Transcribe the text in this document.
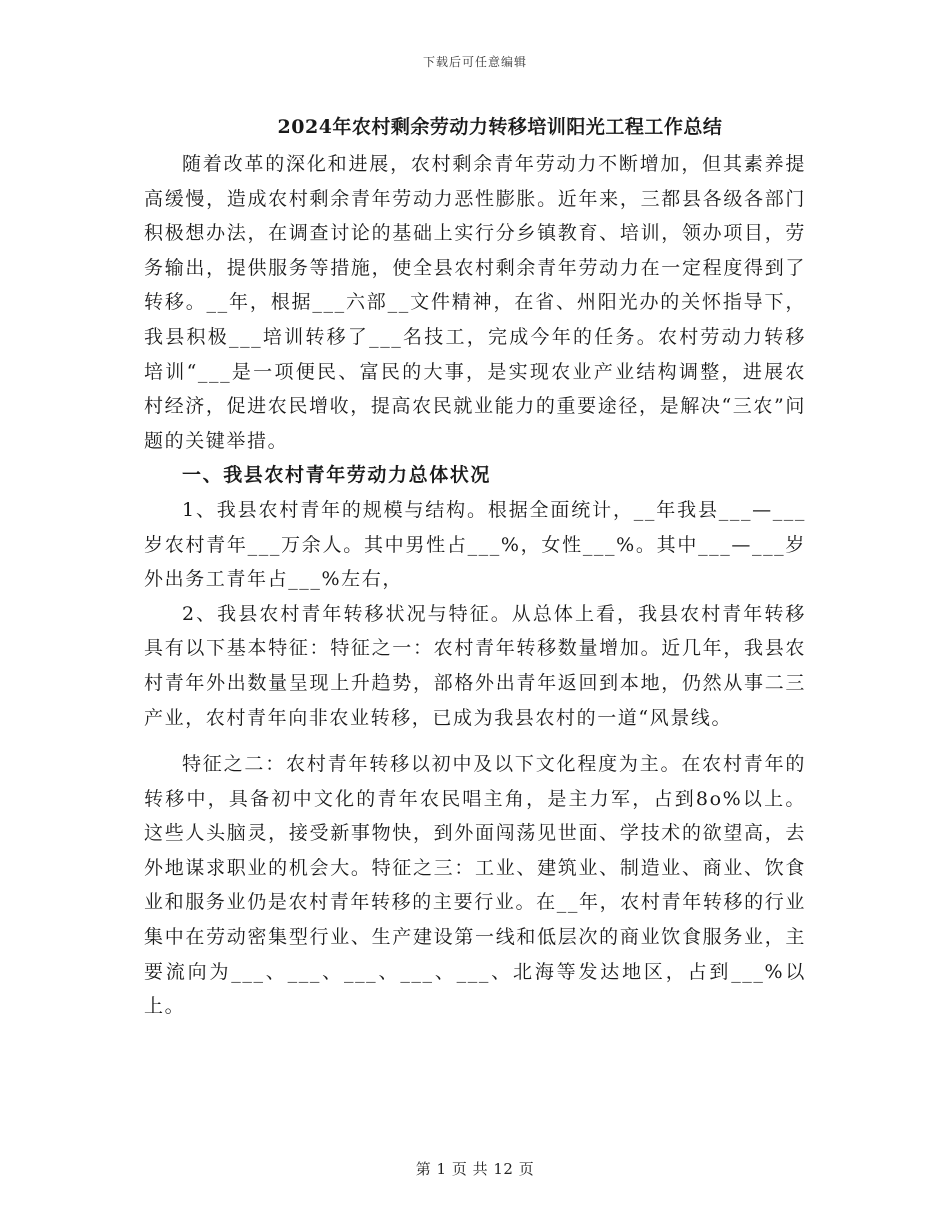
下载后可任意编辑
2024年农村剩余劳动力转移培训阳光工程工作总结

随着改革的深化和进展，农村剩余青年劳动力不断增加，但其素养提高缓慢，造成农村剩余青年劳动力恶性膨胀。近年来，三都县各级各部门积极想办法，在调查讨论的基础上实行分乡镇教育、培训，领办项目，劳务输出，提供服务等措施，使全县农村剩余青年劳动力在一定程度得到了转移。__年，根据___六部__文件精神，在省、州阳光办的关怀指导下，我县积极___培训转移了___名技工，完成今年的任务。农村劳动力转移培训“___是一项便民、富民的大事，是实现农业产业结构调整，进展农村经济，促进农民增收，提高农民就业能力的重要途径，是解决“三农”问题的关键举措。

一、我县农村青年劳动力总体状况

1、我县农村青年的规模与结构。根据全面统计，__年我县___—___岁农村青年___万余人。其中男性占___%，女性___%。其中___—___岁外出务工青年占___%左右，

2、我县农村青年转移状况与特征。从总体上看，我县农村青年转移具有以下基本特征：特征之一：农村青年转移数量增加。近几年，我县农村青年外出数量呈现上升趋势，部格外出青年返回到本地，仍然从事二三产业，农村青年向非农业转移，已成为我县农村的一道“风景线。

特征之二：农村青年转移以初中及以下文化程度为主。在农村青年的转移中，具备初中文化的青年农民唱主角，是主力军，占到8o%以上。这些人头脑灵，接受新事物快，到外面闯荡见世面、学技术的欲望高，去外地谋求职业的机会大。特征之三：工业、建筑业、制造业、商业、饮食业和服务业仍是农村青年转移的主要行业。在__年，农村青年转移的行业集中在劳动密集型行业、生产建设第一线和低层次的商业饮食服务业，主要流向为___、___、___、___、___、北海等发达地区，占到___%以上。

第 1 页 共 12 页
